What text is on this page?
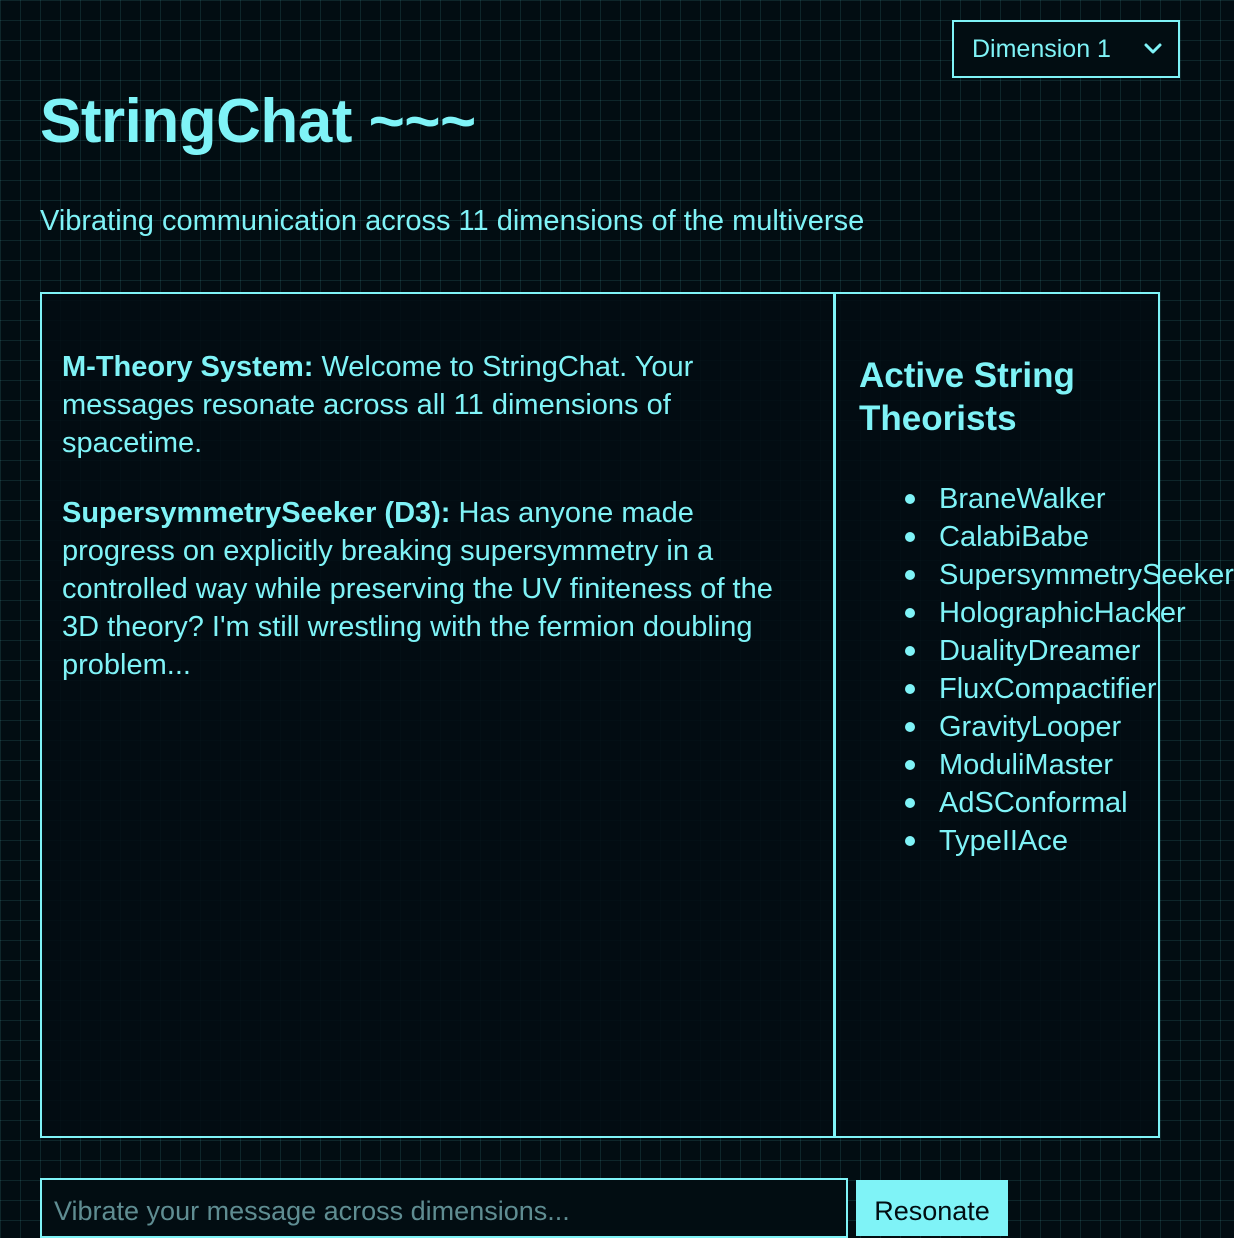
Dimension 1
StringChat ~~~

Vibrating communication across 11 dimensions of the multiverse

M-Theory System: Welcome to StringChat. Your messages resonate across all 11 dimensions of spacetime.

SupersymmetrySeeker (D3): Has anyone made progress on explicitly breaking supersymmetry in a controlled way while preserving the UV finiteness of the 3D theory? I'm still wrestling with the fermion doubling problem...

Active String Theorists
BraneWalker
CalabiBabe
SupersymmetrySeeker
HolographicHacker
DualityDreamer
FluxCompactifier
GravityLooper
ModuliMaster
AdSConformal
TypeIIAce
Vibrate your message across dimensions...
Resonate
